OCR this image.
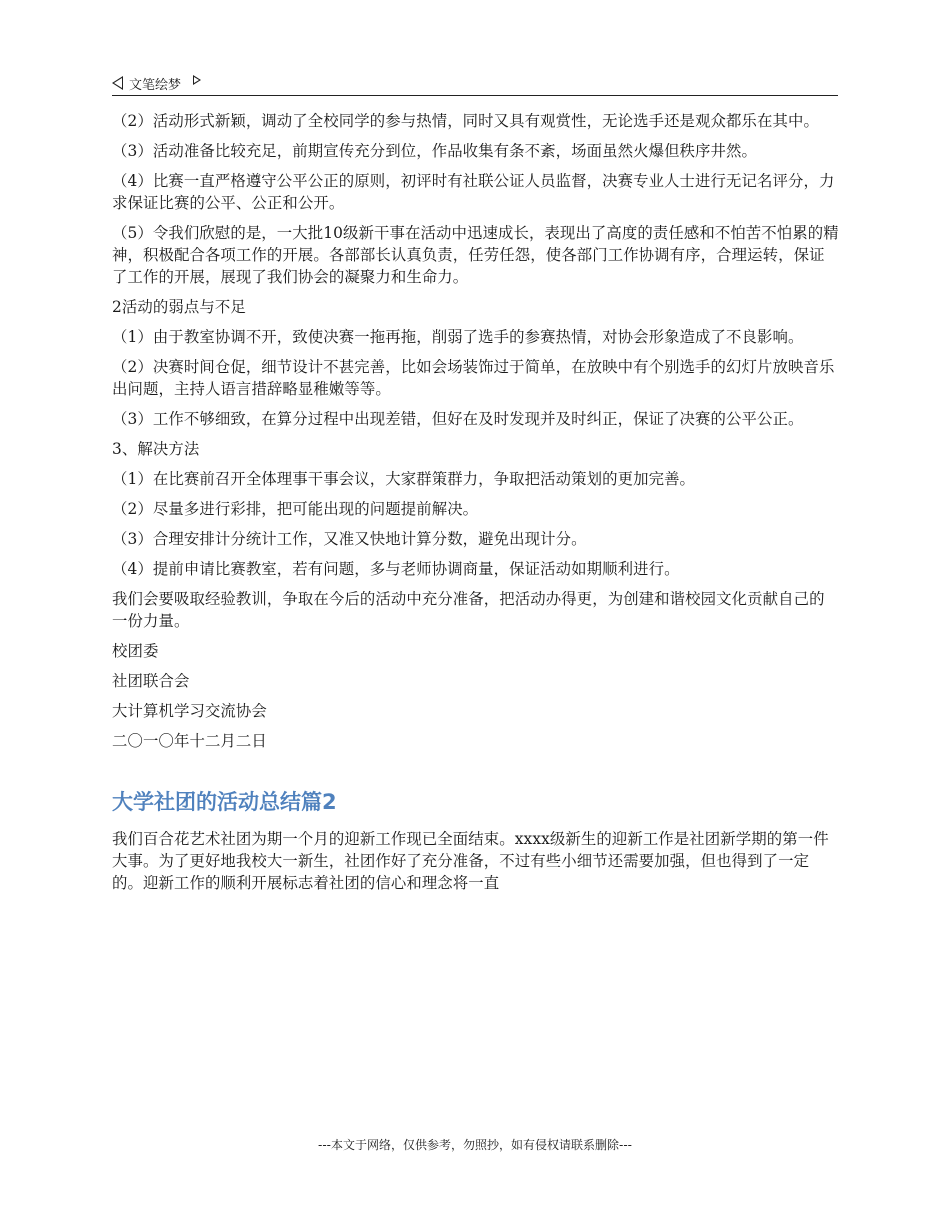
文笔绘梦

（2）活动形式新颖，调动了全校同学的参与热情，同时又具有观赏性，无论选手还是观众都乐在其中。

（3）活动准备比较充足，前期宣传充分到位，作品收集有条不紊，场面虽然火爆但秩序井然。

（4）比赛一直严格遵守公平公正的原则，初评时有社联公证人员监督，决赛专业人士进行无记名评分，力求保证比赛的公平、公正和公开。

（5）令我们欣慰的是，一大批10级新干事在活动中迅速成长，表现出了高度的责任感和不怕苦不怕累的精神，积极配合各项工作的开展。各部部长认真负责，任劳任怨，使各部门工作协调有序，合理运转，保证了工作的开展，展现了我们协会的凝聚力和生命力。

2活动的弱点与不足

（1）由于教室协调不开，致使决赛一拖再拖，削弱了选手的参赛热情，对协会形象造成了不良影响。

（2）决赛时间仓促，细节设计不甚完善，比如会场装饰过于简单，在放映中有个别选手的幻灯片放映音乐出问题，主持人语言措辞略显稚嫩等等。

（3）工作不够细致，在算分过程中出现差错，但好在及时发现并及时纠正，保证了决赛的公平公正。

3、解决方法

（1）在比赛前召开全体理事干事会议，大家群策群力，争取把活动策划的更加完善。

（2）尽量多进行彩排，把可能出现的问题提前解决。

（3）合理安排计分统计工作，又准又快地计算分数，避免出现计分。

（4）提前申请比赛教室，若有问题，多与老师协调商量，保证活动如期顺利进行。

我们会要吸取经验教训，争取在今后的活动中充分准备，把活动办得更，为创建和谐校园文化贡献自己的一份力量。

校团委

社团联合会

大计算机学习交流协会

二〇一〇年十二月二日

大学社团的活动总结篇2

我们百合花艺术社团为期一个月的迎新工作现已全面结束。xxxx级新生的迎新工作是社团新学期的第一件大事。为了更好地我校大一新生，社团作好了充分准备，不过有些小细节还需要加强，但也得到了一定的。迎新工作的顺利开展标志着社团的信心和理念将一直

---本文于网络，仅供参考，勿照抄，如有侵权请联系删除---
